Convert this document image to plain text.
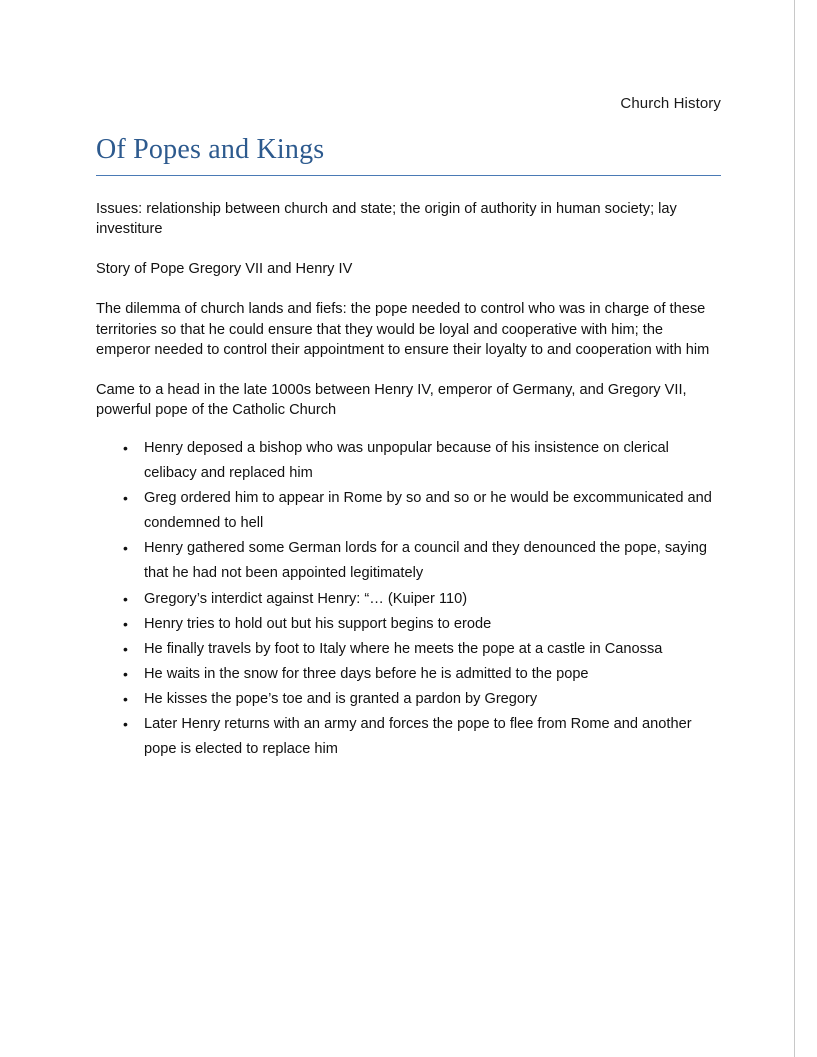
Church History
Of Popes and Kings

Issues: relationship between church and state; the origin of authority in human society; lay investiture

Story of Pope Gregory VII and Henry IV

The dilemma of church lands and fiefs: the pope needed to control who was in charge of these territories so that he could ensure that they would be loyal and cooperative with him; the emperor needed to control their appointment to ensure their loyalty to and cooperation with him

Came to a head in the late 1000s between Henry IV, emperor of Germany, and Gregory VII, powerful pope of the Catholic Church

• Henry deposed a bishop who was unpopular because of his insistence on clerical celibacy and replaced him
• Greg ordered him to appear in Rome by so and so or he would be excommunicated and condemned to hell
• Henry gathered some German lords for a council and they denounced the pope, saying that he had not been appointed legitimately
• Gregory’s interdict against Henry: “… (Kuiper 110)
• Henry tries to hold out but his support begins to erode
• He finally travels by foot to Italy where he meets the pope at a castle in Canossa
• He waits in the snow for three days before he is admitted to the pope
• He kisses the pope’s toe and is granted a pardon by Gregory
• Later Henry returns with an army and forces the pope to flee from Rome and another pope is elected to replace him
